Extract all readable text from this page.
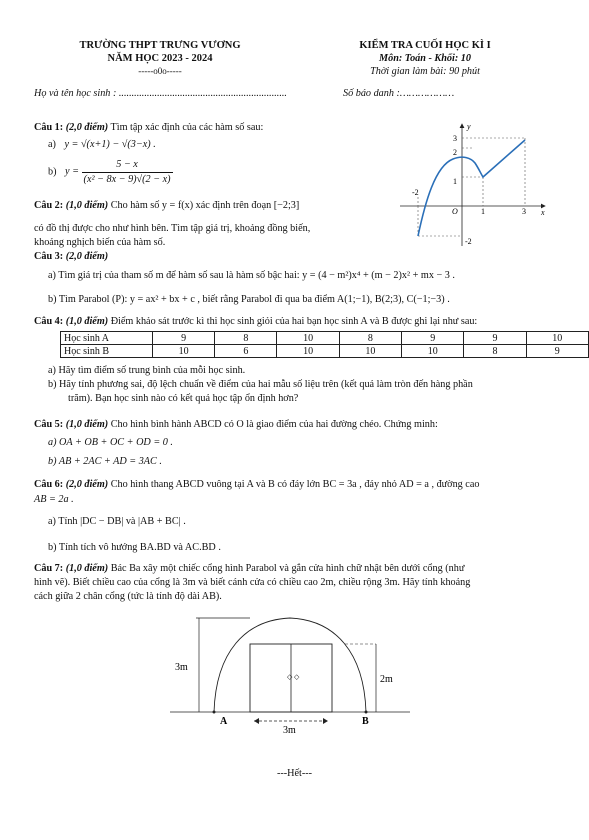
TRƯỜNG THPT TRƯNG VƯƠNG
NĂM HỌC 2023 - 2024
-----o0o-----
KIỂM TRA CUỐI HỌC KÌ I
Môn: Toán - Khối: 10
Thời gian làm bài: 90 phút
Họ và tên học sinh : ..................................................................	Số báo danh :………………
Câu 1: (2,0 điểm) Tìm tập xác định của các hàm số sau:
a) y = √(x+1) − √(3−x) .
b) $y = \frac{5 - x}{\text{(x² − 8x − 9)√(2 − x)}}$
Câu 2: (1,0 điểm) Cho hàm số y = f(x) xác định trên đoạn [−2;3]
có đồ thị được cho như hình bên. Tìm tập giá trị, khoảng đồng biến,
khoảng nghịch biến của hàm số.
y
x
O
3
2
1
-2
-2
1	3
Câu 3: (2,0 điểm)
a) Tìm giá trị của tham số m để hàm số sau là hàm số bậc hai: y = (4 − m²)x⁴ + (m − 2)x² + mx − 3 .
b) Tìm Parabol (P): y = ax² + bx + c , biết rằng Parabol đi qua ba điểm A(1;−1), B(2;3), C(−1;−3) .
Câu 4: (1,0 điểm) Điểm khảo sát trước kì thi học sinh giỏi của hai bạn học sinh A và B được ghi lại như sau:
Học sinh A	9	8	10	8	9	9	10
Học sinh B	10	6	10	10	10	8	9
a) Hãy tìm điểm số trung bình của mỗi học sinh.
b) Hãy tính phương sai, độ lệch chuẩn về điểm của hai mẫu số liệu trên (kết quả làm tròn đến hàng phần
trăm). Bạn học sinh nào có kết quả học tập ổn định hơn?
Câu 5: (1,0 điểm) Cho hình bình hành ABCD có O là giao điểm của hai đường chéo. Chứng minh:
a) OA + OB + OC + OD = 0 .
b) AB + 2AC + AD = 3AC .
Câu 6: (2,0 điểm) Cho hình thang ABCD vuông tại A và B có đáy lớn BC = 3a , đáy nhỏ AD = a , đường cao
AB = 2a .
a) Tính |DC − DB| và |AB + BC| .
b) Tính tích vô hướng BA.BD và AC.BD .
Câu 7: (1,0 điểm) Bác Ba xây một chiếc cổng hình Parabol và gắn cửa hình chữ nhật bên dưới cổng (như
hình vẽ). Biết chiều cao của cổng là 3m và biết cánh cửa có chiều cao 2m, chiều rộng 3m. Hãy tính khoảng
cách giữa 2 chân cổng (tức là tính độ dài AB).
◇ ◇
3m
2m
3m
A	B
---Hết---
